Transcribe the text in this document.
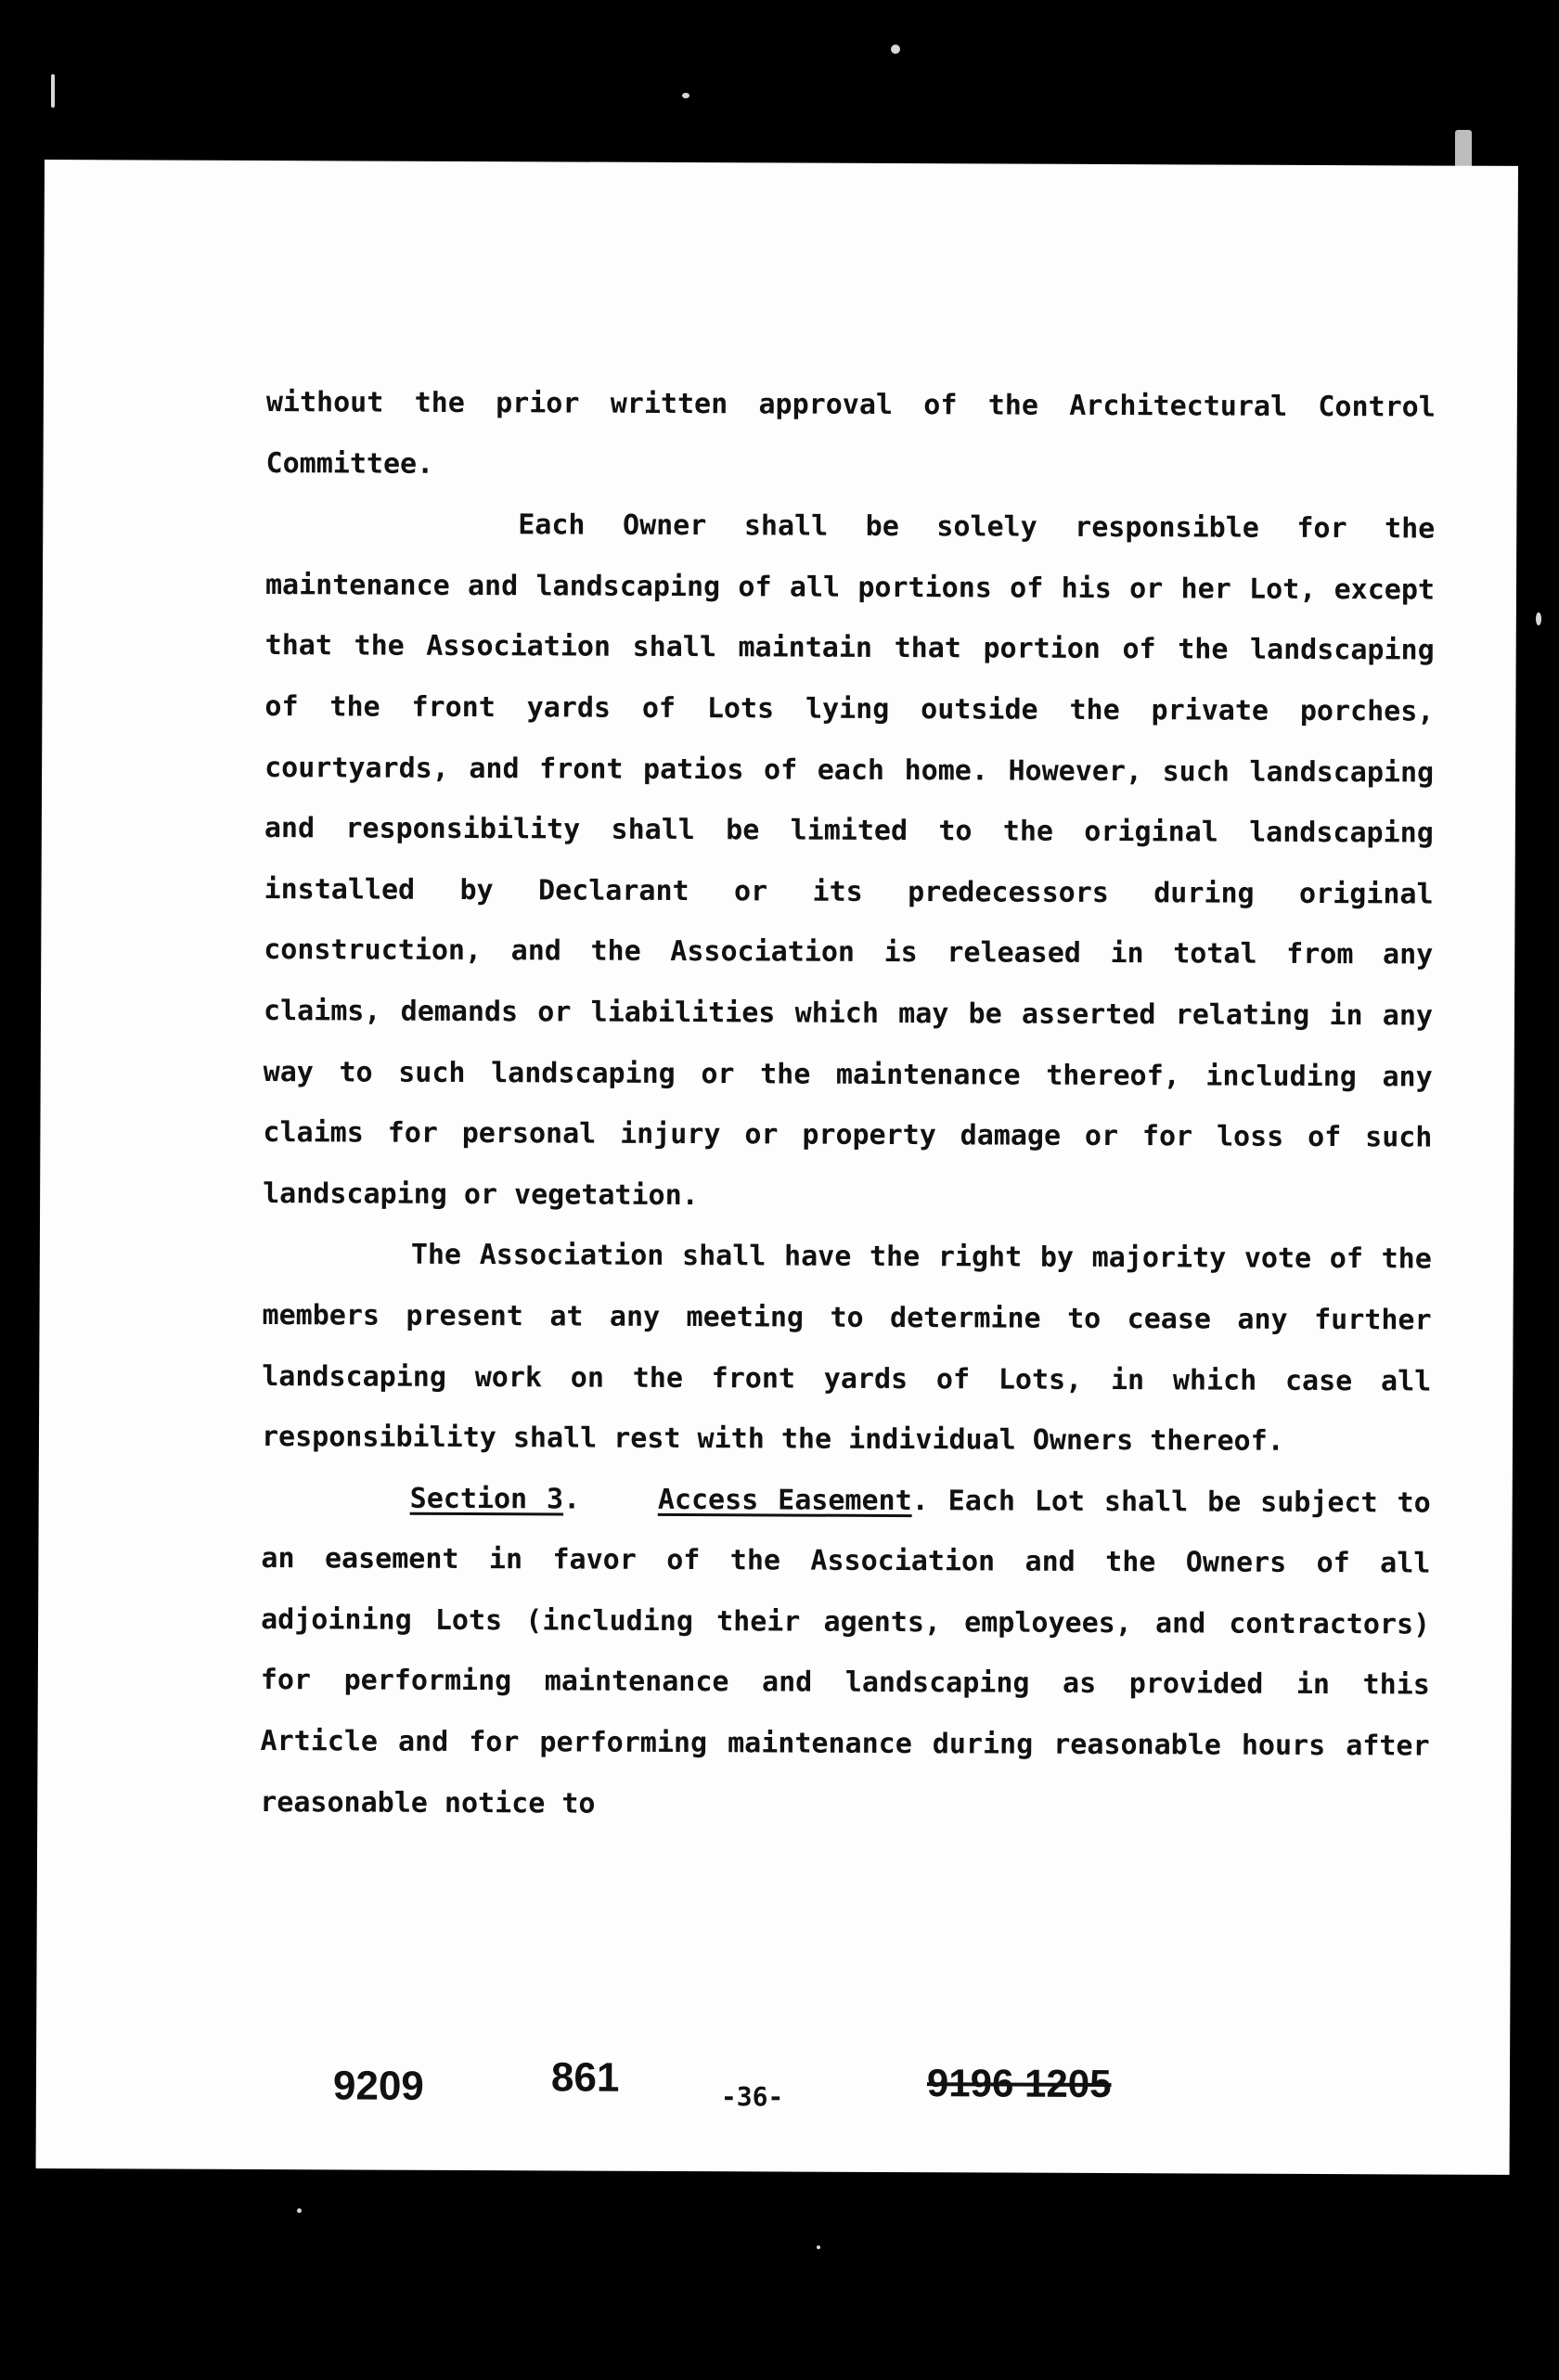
without the prior written approval of the Architectural Control Committee.

Each Owner shall be solely responsible for the maintenance and landscaping of all portions of his or her Lot, except that the Association shall maintain that portion of the landscaping of the front yards of Lots lying outside the private porches, courtyards, and front patios of each home. However, such landscaping and responsibility shall be limited to the original landscaping installed by Declarant or its predecessors during original construction, and the Association is released in total from any claims, demands or liabilities which may be asserted relating in any way to such landscaping or the maintenance thereof, including any claims for personal injury or property damage or for loss of such landscaping or vegetation.

The Association shall have the right by majority vote of the members present at any meeting to determine to cease any further landscaping work on the front yards of Lots, in which case all responsibility shall rest with the individual Owners thereof.

Section 3.	Access Easement. Each Lot shall be subject to an easement in favor of the Association and the Owners of all adjoining Lots (including their agents, employees, and contractors) for performing maintenance and landscaping as provided in this Article and for performing maintenance during reasonable hours after reasonable notice to

9209	861	-36-	9196 1205
